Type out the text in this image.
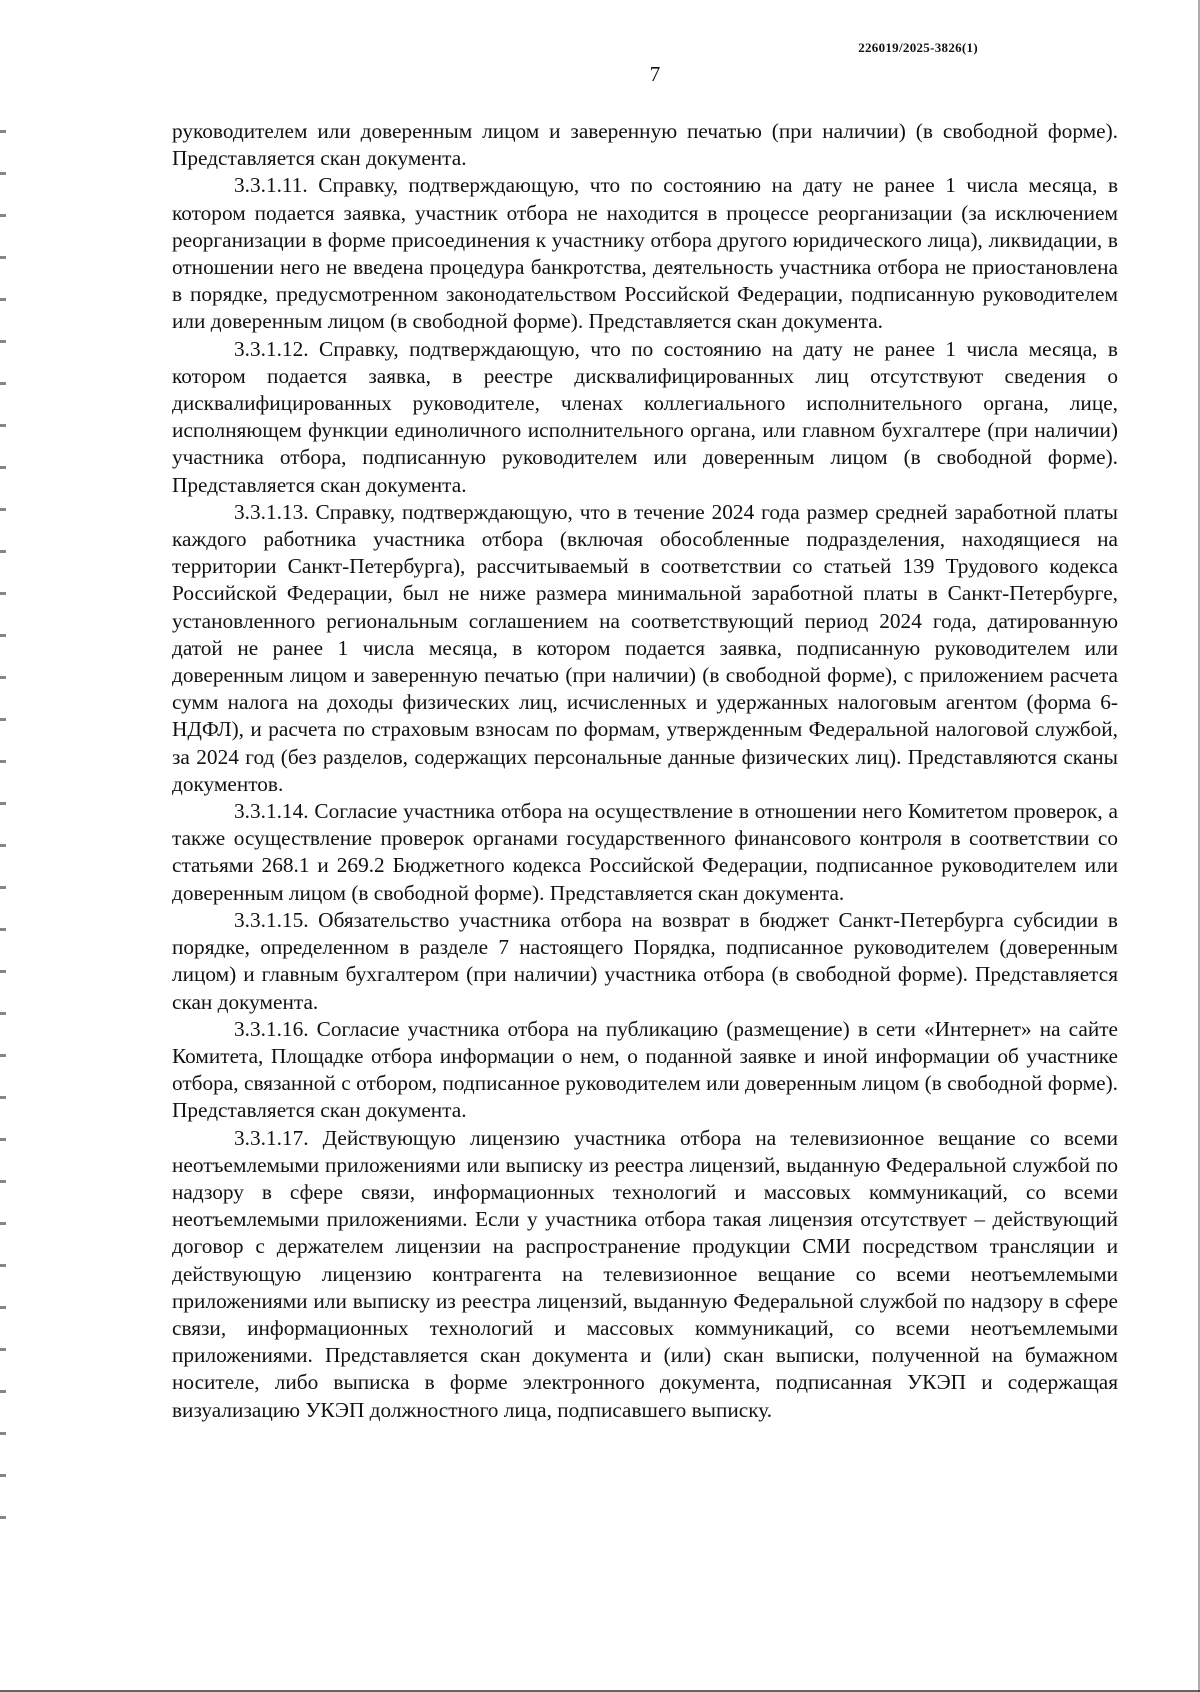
226019/2025-3826(1)
7

руководителем или доверенным лицом и заверенную печатью (при наличии) (в свободной форме). Представляется скан документа.

3.3.1.11. Справку, подтверждающую, что по состоянию на дату не ранее 1 числа месяца, в котором подается заявка, участник отбора не находится в процессе реорганизации (за исключением реорганизации в форме присоединения к участнику отбора другого юридического лица), ликвидации, в отношении него не введена процедура банкротства, деятельность участника отбора не приостановлена в порядке, предусмотренном законодательством Российской Федерации, подписанную руководителем или доверенным лицом (в свободной форме). Представляется скан документа.

3.3.1.12. Справку, подтверждающую, что по состоянию на дату не ранее 1 числа месяца, в котором подается заявка, в реестре дисквалифицированных лиц отсутствуют сведения о дисквалифицированных руководителе, членах коллегиального исполнительного органа, лице, исполняющем функции единоличного исполнительного органа, или главном бухгалтере (при наличии) участника отбора, подписанную руководителем или доверенным лицом (в свободной форме). Представляется скан документа.

3.3.1.13. Справку, подтверждающую, что в течение 2024 года размер средней заработной платы каждого работника участника отбора (включая обособленные подразделения, находящиеся на территории Санкт-Петербурга), рассчитываемый в соответствии со статьей 139 Трудового кодекса Российской Федерации, был не ниже размера минимальной заработной платы в Санкт-Петербурге, установленного региональным соглашением на соответствующий период 2024 года, датированную датой не ранее 1 числа месяца, в котором подается заявка, подписанную руководителем или доверенным лицом и заверенную печатью (при наличии) (в свободной форме), с приложением расчета сумм налога на доходы физических лиц, исчисленных и удержанных налоговым агентом (форма 6-НДФЛ), и расчета по страховым взносам по формам, утвержденным Федеральной налоговой службой, за 2024 год (без разделов, содержащих персональные данные физических лиц). Представляются сканы документов.

3.3.1.14. Согласие участника отбора на осуществление в отношении него Комитетом проверок, а также осуществление проверок органами государственного финансового контроля в соответствии со статьями 268.1 и 269.2 Бюджетного кодекса Российской Федерации, подписанное руководителем или доверенным лицом (в свободной форме). Представляется скан документа.

3.3.1.15. Обязательство участника отбора на возврат в бюджет Санкт-Петербурга субсидии в порядке, определенном в разделе 7 настоящего Порядка, подписанное руководителем (доверенным лицом) и главным бухгалтером (при наличии) участника отбора (в свободной форме). Представляется скан документа.

3.3.1.16. Согласие участника отбора на публикацию (размещение) в сети «Интернет» на сайте Комитета, Площадке отбора информации о нем, о поданной заявке и иной информации об участнике отбора, связанной с отбором, подписанное руководителем или доверенным лицом (в свободной форме). Представляется скан документа.

3.3.1.17. Действующую лицензию участника отбора на телевизионное вещание со всеми неотъемлемыми приложениями или выписку из реестра лицензий, выданную Федеральной службой по надзору в сфере связи, информационных технологий и массовых коммуникаций, со всеми неотъемлемыми приложениями. Если у участника отбора такая лицензия отсутствует – действующий договор с держателем лицензии на распространение продукции СМИ посредством трансляции и действующую лицензию контрагента на телевизионное вещание со всеми неотъемлемыми приложениями или выписку из реестра лицензий, выданную Федеральной службой по надзору в сфере связи, информационных технологий и массовых коммуникаций, со всеми неотъемлемыми приложениями. Представляется скан документа и (или) скан выписки, полученной на бумажном носителе, либо выписка в форме электронного документа, подписанная УКЭП и содержащая визуализацию УКЭП должностного лица, подписавшего выписку.
